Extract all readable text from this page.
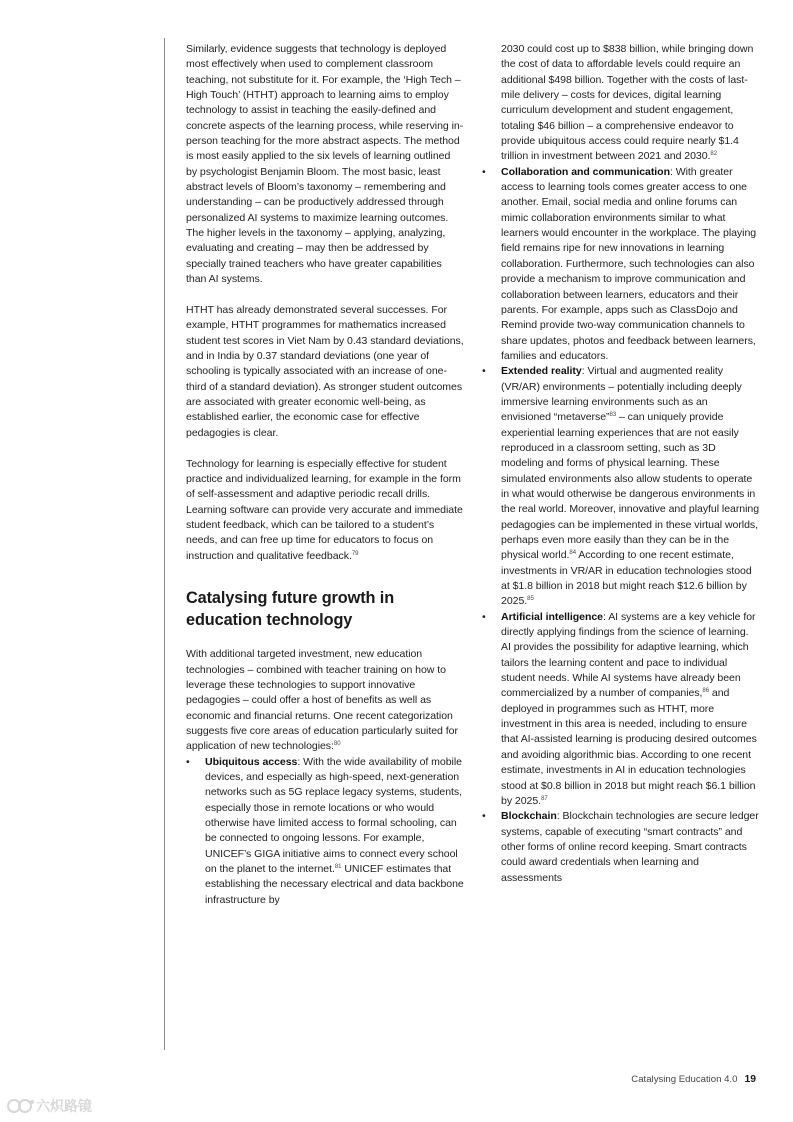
Similarly, evidence suggests that technology is deployed most effectively when used to complement classroom teaching, not substitute for it. For example, the ‘High Tech – High Touch’ (HTHT) approach to learning aims to employ technology to assist in teaching the easily-defined and concrete aspects of the learning process, while reserving in-person teaching for the more abstract aspects. The method is most easily applied to the six levels of learning outlined by psychologist Benjamin Bloom. The most basic, least abstract levels of Bloom’s taxonomy – remembering and understanding – can be productively addressed through personalized AI systems to maximize learning outcomes. The higher levels in the taxonomy – applying, analyzing, evaluating and creating – may then be addressed by specially trained teachers who have greater capabilities than AI systems.

HTHT has already demonstrated several successes. For example, HTHT programmes for mathematics increased student test scores in Viet Nam by 0.43 standard deviations, and in India by 0.37 standard deviations (one year of schooling is typically associated with an increase of one-third of a standard deviation). As stronger student outcomes are associated with greater economic well-being, as established earlier, the economic case for effective pedagogies is clear.

Technology for learning is especially effective for student practice and individualized learning, for example in the form of self-assessment and adaptive periodic recall drills. Learning software can provide very accurate and immediate student feedback, which can be tailored to a student’s needs, and can free up time for educators to focus on instruction and qualitative feedback.$^{79}$

Catalysing future growth in education technology

With additional targeted investment, new education technologies – combined with teacher training on how to leverage these technologies to support innovative pedagogies – could offer a host of benefits as well as economic and financial returns. One recent categorization suggests five core areas of education particularly suited for application of new technologies:$^{80}$

• Ubiquitous access: With the wide availability of mobile devices, and especially as high-speed, next-generation networks such as 5G replace legacy systems, students, especially those in remote locations or who would otherwise have limited access to formal schooling, can be connected to ongoing lessons. For example, UNICEF’s GIGA initiative aims to connect every school on the planet to the internet.$^{81}$ UNICEF estimates that establishing the necessary electrical and data backbone infrastructure by
2030 could cost up to $838 billion, while bringing down the cost of data to affordable levels could require an additional $498 billion. Together with the costs of last-mile delivery – costs for devices, digital learning curriculum development and student engagement, totaling $46 billion – a comprehensive endeavor to provide ubiquitous access could require nearly $1.4 trillion in investment between 2021 and 2030.82
• Collaboration and communication: With greater access to learning tools comes greater access to one another. Email, social media and online forums can mimic collaboration environments similar to what learners would encounter in the workplace. The playing field remains ripe for new innovations in learning collaboration. Furthermore, such technologies can also provide a mechanism to improve communication and collaboration between learners, educators and their parents. For example, apps such as ClassDojo and Remind provide two-way communication channels to share updates, photos and feedback between learners, families and educators.
• Extended reality: Virtual and augmented reality (VR/AR) environments – potentially including deeply immersive learning environments such as an envisioned “metaverse”$^{83}$ – can uniquely provide experiential learning experiences that are not easily reproduced in a classroom setting, such as 3D modeling and forms of physical learning. These simulated environments also allow students to operate in what would otherwise be dangerous environments in the real world. Moreover, innovative and playful learning pedagogies can be implemented in these virtual worlds, perhaps even more easily than they can be in the physical world.$^{84}$ According to one recent estimate, investments in VR/AR in education technologies stood at $1.8 billion in 2018 but might reach $12.6 billion by 2025.85
• Artificial intelligence: AI systems are a key vehicle for directly applying findings from the science of learning. AI provides the possibility for adaptive learning, which tailors the learning content and pace to individual student needs. While AI systems have already been commercialized by a number of companies,$^{86}$ and deployed in programmes such as HTHT, more investment in this area is needed, including to ensure that AI-assisted learning is producing desired outcomes and avoiding algorithmic bias. According to one recent estimate, investments in AI in education technologies stood at $0.8 billion in 2018 but might reach $6.1 billion by 2025.87
• Blockchain: Blockchain technologies are secure ledger systems, capable of executing “smart contracts” and other forms of online record keeping. Smart contracts could award credentials when learning and assessments
Catalysing Education 4.0 19
六炽路镜
